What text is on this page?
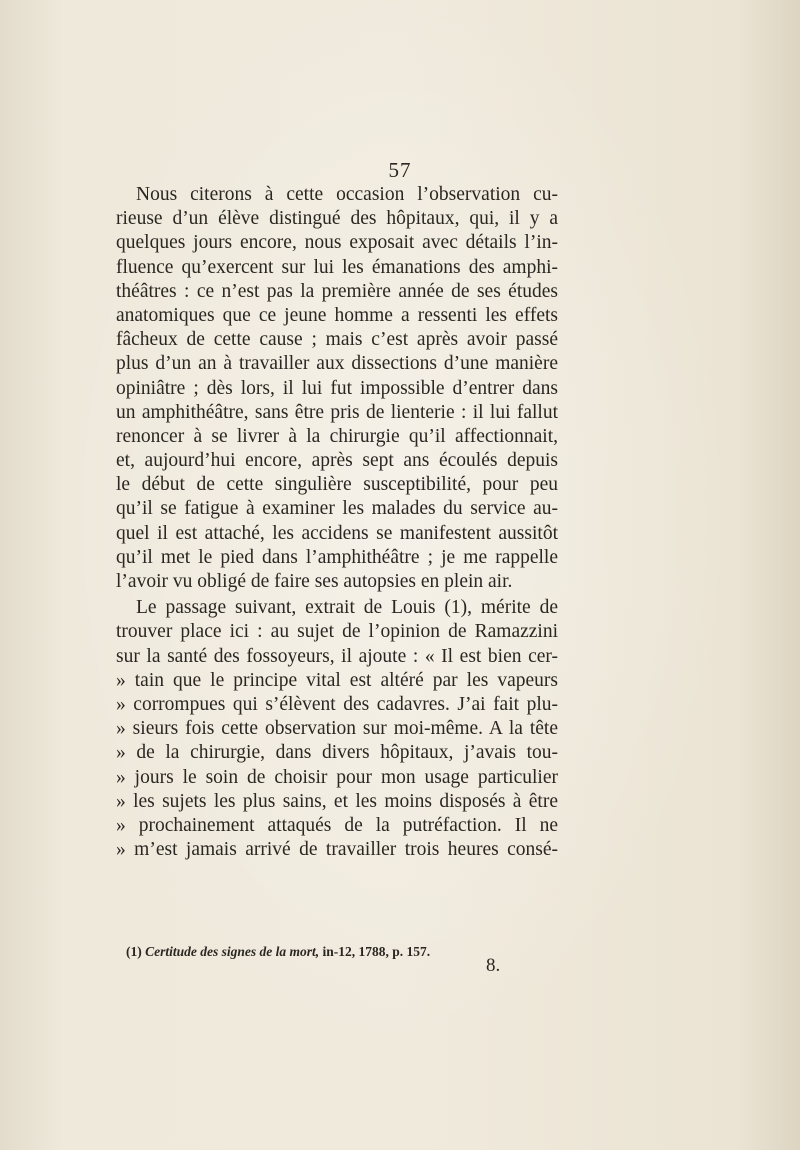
57
Nous citerons à cette occasion l’observation cu-
rieuse d’un élève distingué des hôpitaux, qui, il y a
quelques jours encore, nous exposait avec détails l’in-
fluence qu’exercent sur lui les émanations des amphi-
théâtres : ce n’est pas la première année de ses études
anatomiques que ce jeune homme a ressenti les effets
fâcheux de cette cause ; mais c’est après avoir passé
plus d’un an à travailler aux dissections d’une manière
opiniâtre ; dès lors, il lui fut impossible d’entrer dans
un amphithéâtre, sans être pris de lienterie : il lui fallut
renoncer à se livrer à la chirurgie qu’il affectionnait,
et, aujourd’hui encore, après sept ans écoulés depuis
le début de cette singulière susceptibilité, pour peu
qu’il se fatigue à examiner les malades du service au-
quel il est attaché, les accidens se manifestent aussitôt
qu’il met le pied dans l’amphithéâtre ; je me rappelle
l’avoir vu obligé de faire ses autopsies en plein air.
Le passage suivant, extrait de Louis (1), mérite de
trouver place ici : au sujet de l’opinion de Ramazzini
sur la santé des fossoyeurs, il ajoute : « Il est bien cer-
» tain que le principe vital est altéré par les vapeurs
» corrompues qui s’élèvent des cadavres. J’ai fait plu-
» sieurs fois cette observation sur moi-même. A la tête
» de la chirurgie, dans divers hôpitaux, j’avais tou-
» jours le soin de choisir pour mon usage particulier
» les sujets les plus sains, et les moins disposés à être
» prochainement attaqués de la putréfaction. Il ne
» m’est jamais arrivé de travailler trois heures consé-
(1) Certitude des signes de la mort, in-12, 1788, p. 157.
8.
